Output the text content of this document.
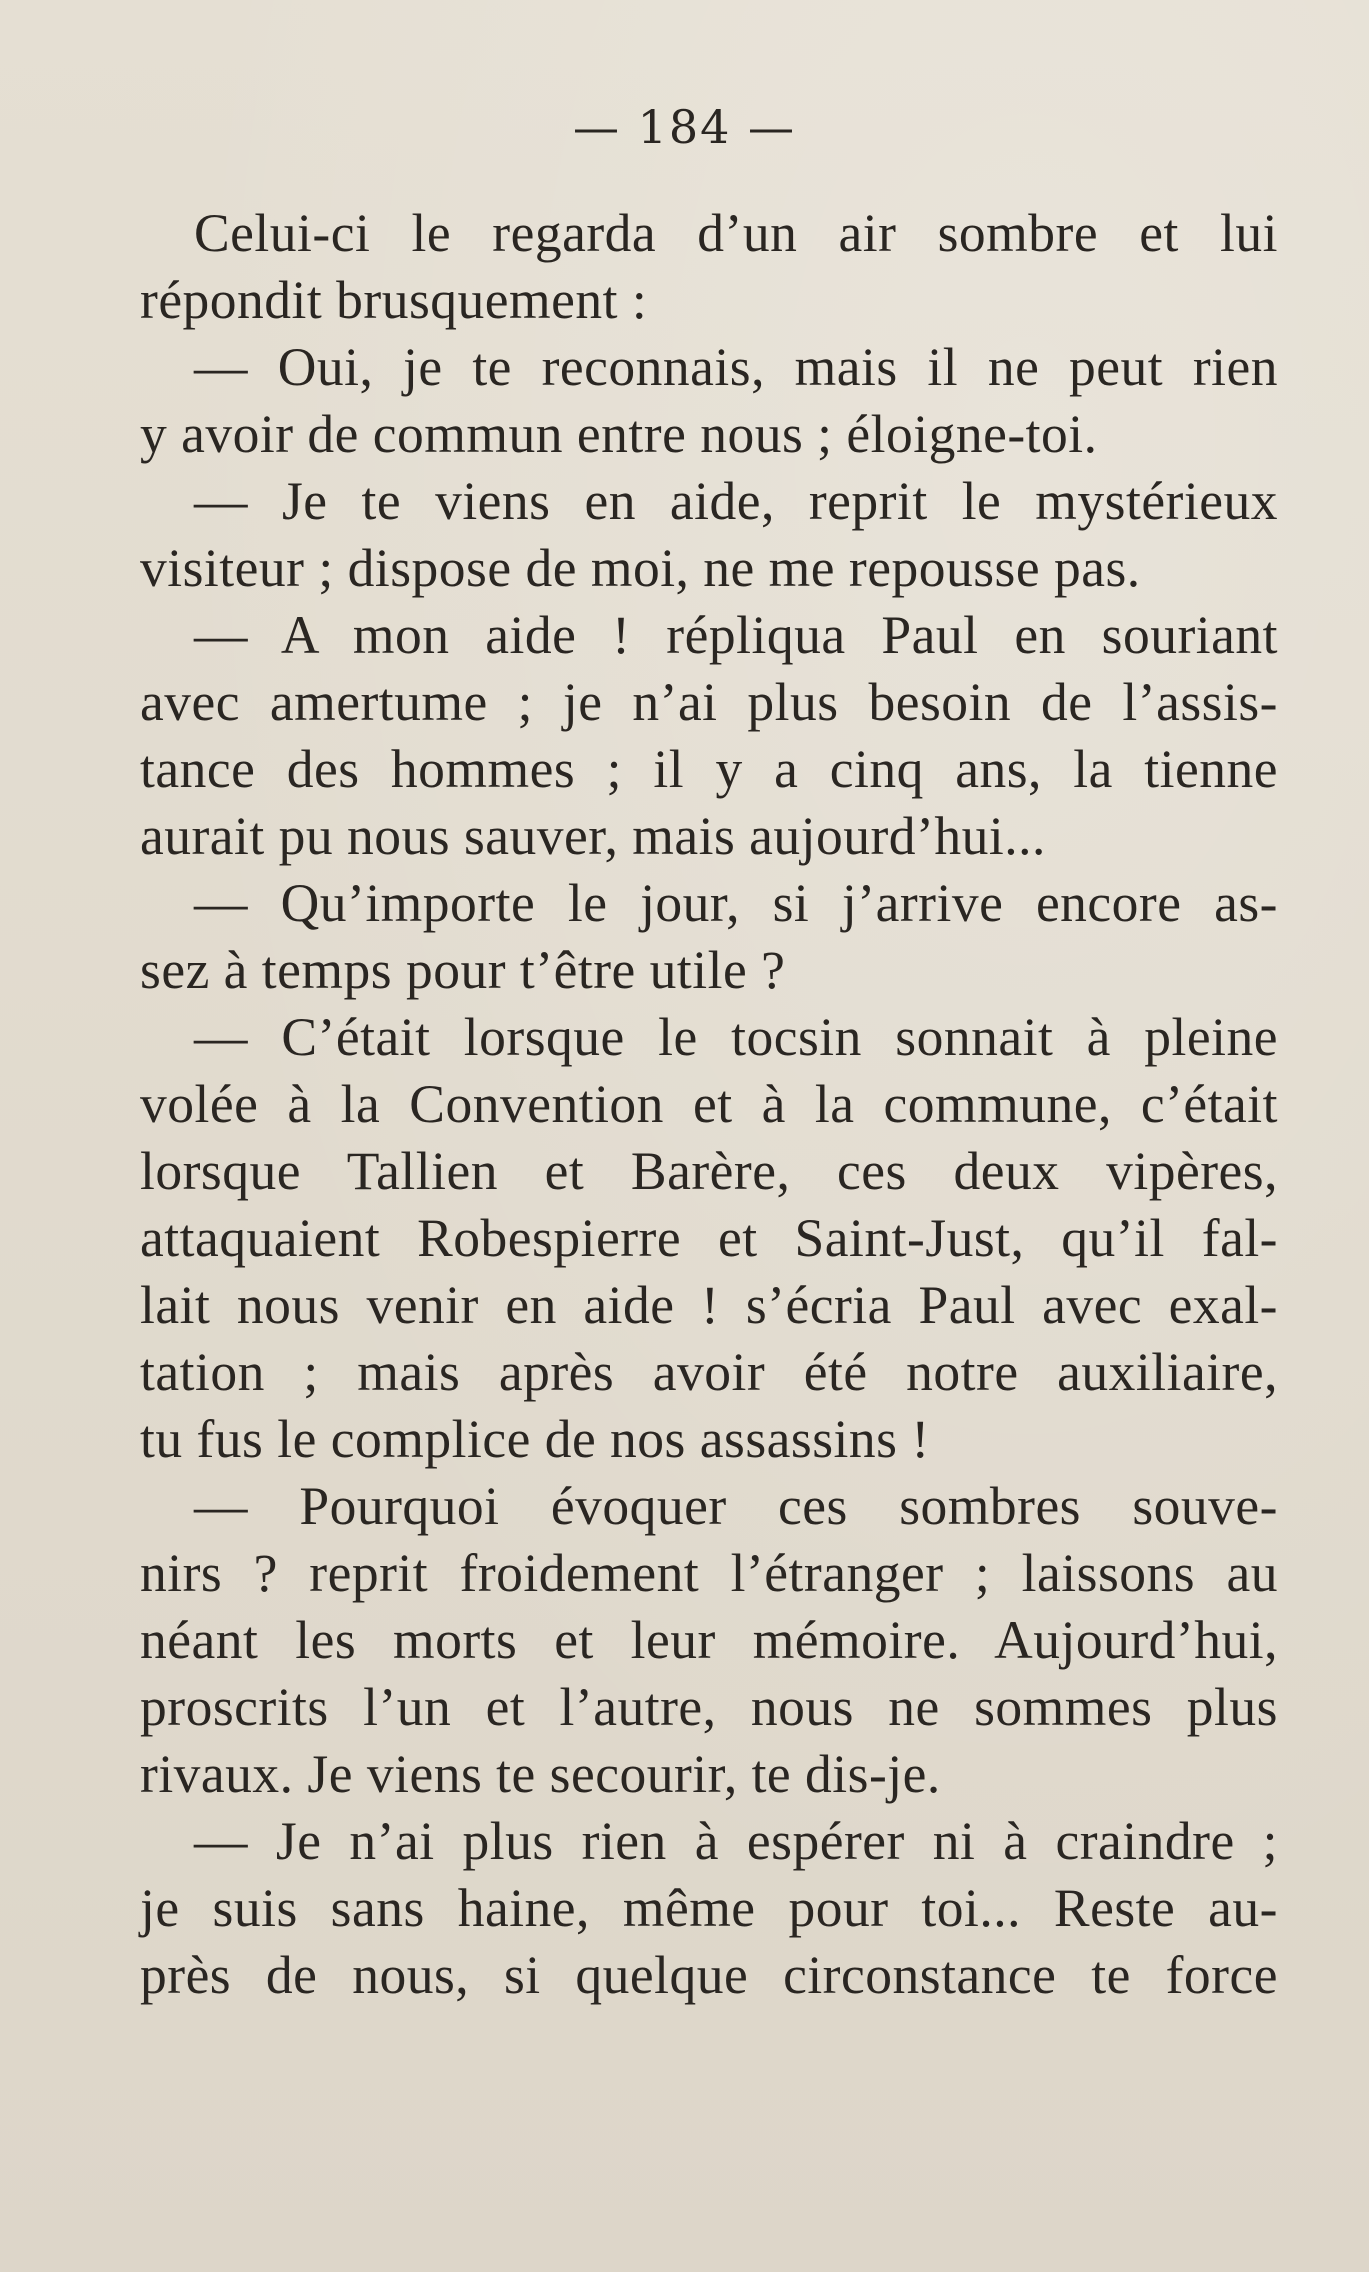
— 184 —
Celui-ci le regarda d’un air sombre et lui
répondit brusquement :
— Oui, je te reconnais, mais il ne peut rien
y avoir de commun entre nous ; éloigne-toi.
— Je te viens en aide, reprit le mystérieux
visiteur ; dispose de moi, ne me repousse pas.
— A mon aide ! répliqua Paul en souriant
avec amertume ; je n’ai plus besoin de l’assis-
tance des hommes ; il y a cinq ans, la tienne
aurait pu nous sauver, mais aujourd’hui...
— Qu’importe le jour, si j’arrive encore as-
sez à temps pour t’être utile ?
— C’était lorsque le tocsin sonnait à pleine
volée à la Convention et à la commune, c’était
lorsque Tallien et Barère, ces deux vipères,
attaquaient Robespierre et Saint-Just, qu’il fal-
lait nous venir en aide ! s’écria Paul avec exal-
tation ; mais après avoir été notre auxiliaire,
tu fus le complice de nos assassins !
— Pourquoi évoquer ces sombres souve-
nirs ? reprit froidement l’étranger ; laissons au
néant les morts et leur mémoire. Aujourd’hui,
proscrits l’un et l’autre, nous ne sommes plus
rivaux. Je viens te secourir, te dis-je.
— Je n’ai plus rien à espérer ni à craindre ;
je suis sans haine, même pour toi... Reste au-
près de nous, si quelque circonstance te force
